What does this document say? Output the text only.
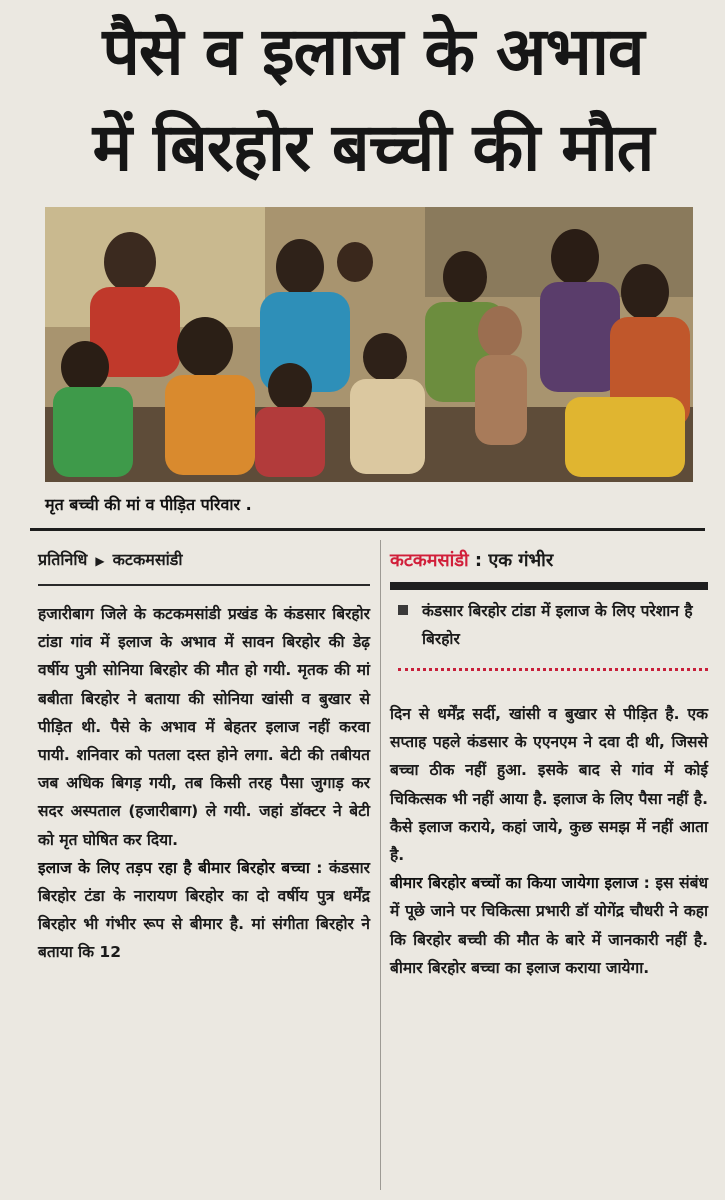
पैसे व इलाज के अभाव
में बिरहोर बच्ची की मौत
मृत बच्ची की मां व पीड़ित परिवार .
प्रतिनिधि ▶ कटकमसांडी

हजारीबाग जिले के कटकमसांडी प्रखंड के कंडसार बिरहोर टांडा गांव में इलाज के अभाव में सावन बिरहोर की डेढ़ वर्षीय पुत्री सोनिया बिरहोर की मौत हो गयी. मृतक की मां बबीता बिरहोर ने बताया की सोनिया खांसी व बुखार से पीड़ित थी. पैसे के अभाव में बेहतर इलाज नहीं करवा पायी. शनिवार को पतला दस्त होने लगा. बेटी की तबीयत जब अधिक बिगड़ गयी, तब किसी तरह पैसा जुगाड़ कर सदर अस्पताल (हजारीबाग) ले गयी. जहां डॉक्टर ने बेटी को मृत घोषित कर दिया.

इलाज के लिए तड़प रहा है बीमार बिरहोर बच्चा : कंडसार बिरहोर टंडा के नारायण बिरहोर का दो वर्षीय पुत्र धर्मेंद्र बिरहोर भी गंभीर रूप से बीमार है. मां संगीता बिरहोर ने बताया कि 12

कटकमसांडी : एक गंभीर
कंडसार बिरहोर टांडा में इलाज के लिए परेशान है बिरहोर

दिन से धर्मेंद्र सर्दी, खांसी व बुखार से पीड़ित है. एक सप्ताह पहले कंडसार के एएनएम ने दवा दी थी, जिससे बच्चा ठीक नहीं हुआ. इसके बाद से गांव में कोई चिकित्सक भी नहीं आया है. इलाज के लिए पैसा नहीं है. कैसे इलाज कराये, कहां जाये, कुछ समझ में नहीं आता है.

बीमार बिरहोर बच्चों का किया जायेगा इलाज : इस संबंध में पूछे जाने पर चिकित्सा प्रभारी डॉ योगेंद्र चौधरी ने कहा कि बिरहोर बच्ची की मौत के बारे में जानकारी नहीं है. बीमार बिरहोर बच्चा का इलाज कराया जायेगा.
